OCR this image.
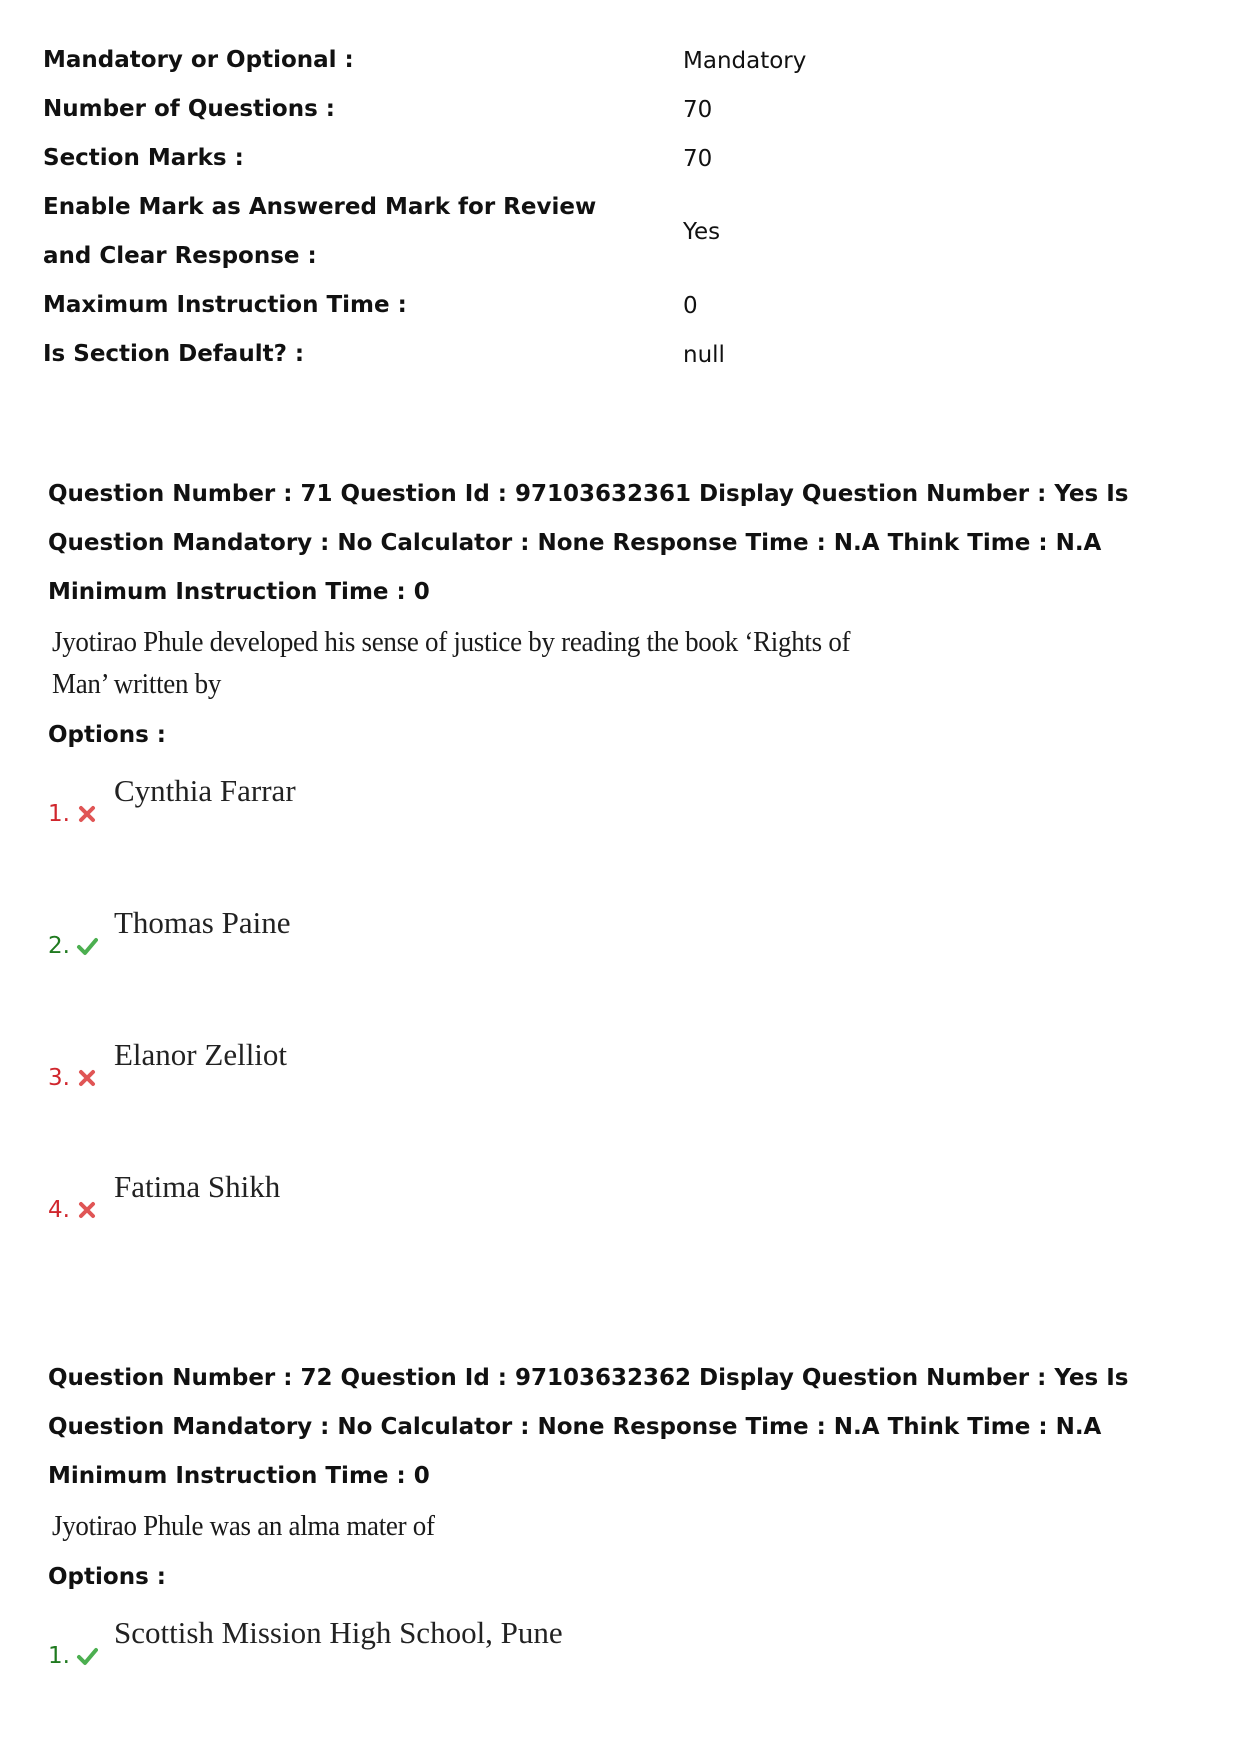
Mandatory or Optional :	Mandatory
Number of Questions :	70
Section Marks :	70
Enable Mark as Answered Mark for Review and Clear Response :
Yes
Maximum Instruction Time :	0
Is Section Default? :	null

Question Number : 71 Question Id : 97103632361 Display Question Number : Yes Is Question Mandatory : No Calculator : None Response Time : N.A Think Time : N.A Minimum Instruction Time : 0

Jyotirao Phule developed his sense of justice by reading the book ‘Rights of Man’ written by

Options :

1.
Cynthia Farrar
2.
Thomas Paine
3.
Elanor Zelliot
4.
Fatima Shikh

Question Number : 72 Question Id : 97103632362 Display Question Number : Yes Is Question Mandatory : No Calculator : None Response Time : N.A Think Time : N.A Minimum Instruction Time : 0

Jyotirao Phule was an alma mater of

Options :

1.
Scottish Mission High School, Pune
